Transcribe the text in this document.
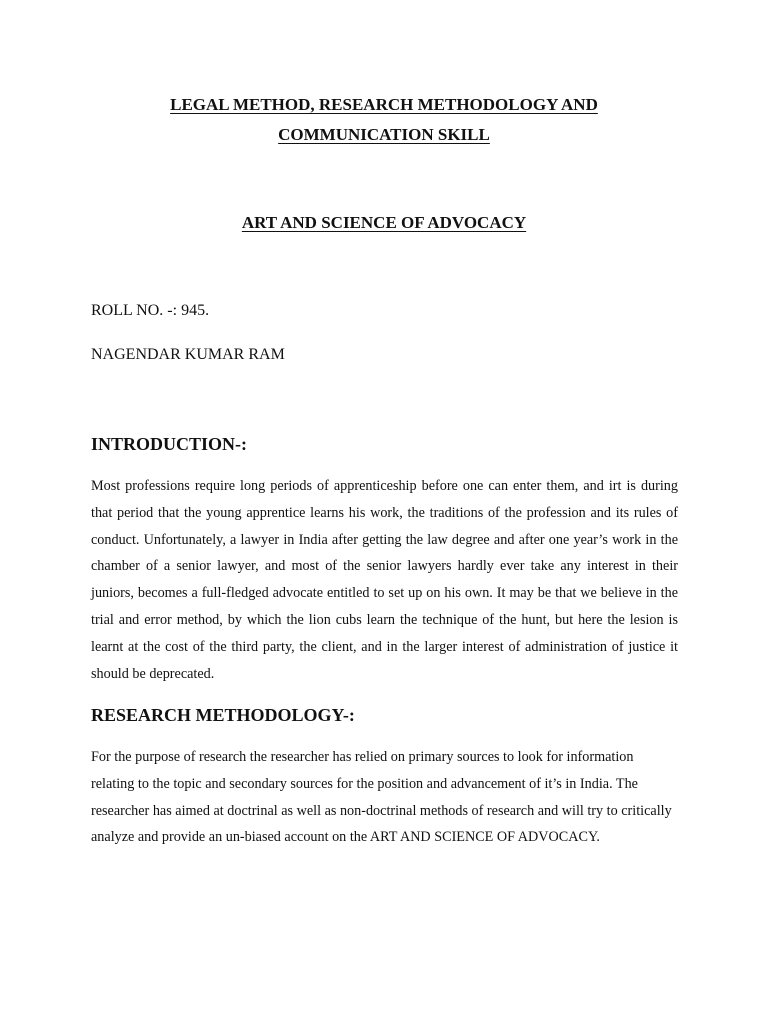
LEGAL METHOD, RESEARCH METHODOLOGY AND
COMMUNICATION SKILL
ART AND SCIENCE OF ADVOCACY

ROLL NO. -: 945.

NAGENDAR KUMAR RAM

INTRODUCTION-:

Most professions require long periods of apprenticeship before one can enter them, and irt is during that period that the young apprentice learns his work, the traditions of the profession and its rules of conduct. Unfortunately, a lawyer in India after getting the law degree and after one year’s work in the chamber of a senior lawyer, and most of the senior lawyers hardly ever take any interest in their juniors, becomes a full-fledged advocate entitled to set up on his own. It may be that we believe in the trial and error method, by which the lion cubs learn the technique of the hunt, but here the lesion is learnt at the cost of the third party, the client, and in the larger interest of administration of justice it should be deprecated.

RESEARCH METHODOLOGY-:

For the purpose of research the researcher has relied on primary sources to look for information relating to the topic and secondary sources for the position and advancement of it’s in India. The researcher has aimed at doctrinal as well as non-doctrinal methods of research and will try to critically analyze and provide an un-biased account on the ART AND SCIENCE OF ADVOCACY.
